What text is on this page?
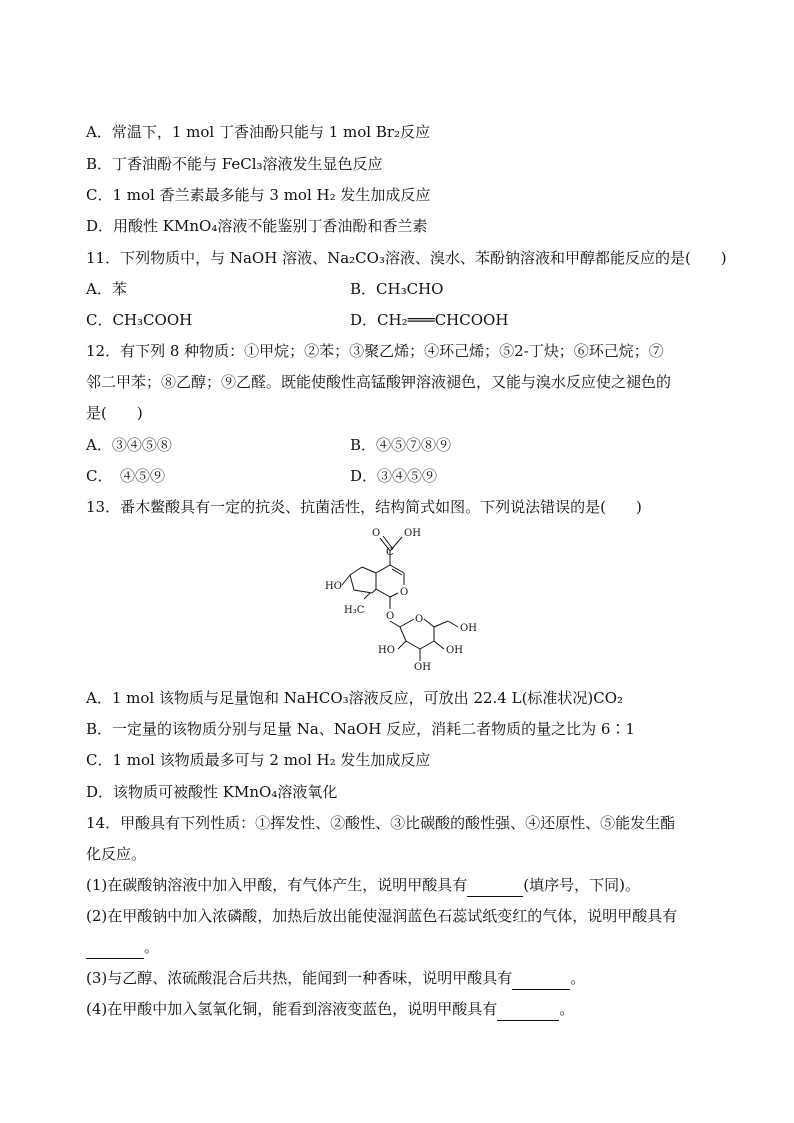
A．常温下，1 mol 丁香油酚只能与 1 mol Br₂反应
B．丁香油酚不能与 FeCl₃溶液发生显色反应
C．1 mol 香兰素最多能与 3 mol H₂ 发生加成反应
D．用酸性 KMnO₄溶液不能鉴别丁香油酚和香兰素
11．下列物质中，与 NaOH 溶液、Na₂CO₃溶液、溴水、苯酚钠溶液和甲醇都能反应的是(　　)
A．苯	B．CH₃CHO
C．CH₃COOH	D．CH₂═══CHCOOH
12．有下列 8 种物质：①甲烷；②苯；③聚乙烯；④环己烯；⑤2-丁炔；⑥环己烷；⑦
邻二甲苯；⑧乙醇；⑨乙醛。既能使酸性高锰酸钾溶液褪色，又能与溴水反应使之褪色的
是(　　)
A．③④⑤⑧	B．④⑤⑦⑧⑨
C．　④⑤⑨	D．③④⑤⑨
13．番木鳖酸具有一定的抗炎、抗菌活性，结构简式如图。下列说法错误的是(　　)
O OH
C
HO
O
H₃C
O O
OH
HO	OH
OH
A．1 mol 该物质与足量饱和 NaHCO₃溶液反应，可放出 22.4 L(标准状况)CO₂
B．一定量的该物质分别与足量 Na、NaOH 反应，消耗二者物质的量之比为 6∶1
C．1 mol 该物质最多可与 2 mol H₂ 发生加成反应
D．该物质可被酸性 KMnO₄溶液氧化
14．甲酸具有下列性质：①挥发性、②酸性、③比碳酸的酸性强、④还原性、⑤能发生酯
化反应。
(1)在碳酸钠溶液中加入甲酸，有气体产生，说明甲酸具有	(填序号，下同)。
(2)在甲酸钠中加入浓磷酸，加热后放出能使湿润蓝色石蕊试纸变红的气体，说明甲酸具有
。
(3)与乙醇、浓硫酸混合后共热，能闻到一种香味，说明甲酸具有	。
(4)在甲酸中加入氢氧化铜，能看到溶液变蓝色，说明甲酸具有	。
